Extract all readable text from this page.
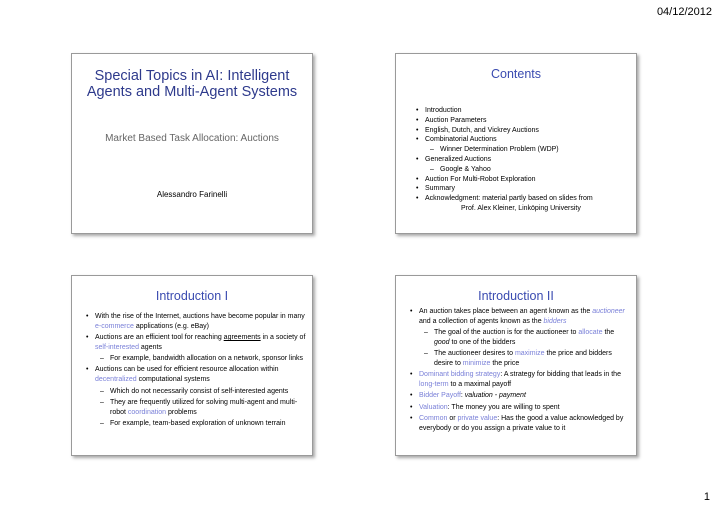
04/12/2012
Special Topics in AI: Intelligent Agents and Multi-Agent Systems
Market Based Task Allocation: Auctions
Alessandro Farinelli
Contents
• Introduction
• Auction Parameters
• English, Dutch, and Vickrey Auctions
• Combinatorial Auctions
– Winner Determination Problem (WDP)
• Generalized Auctions
– Google & Yahoo
• Auction For Multi-Robot Exploration
• Summary
• Acknowledgment: material partly based on slides from
Prof. Alex Kleiner, Linköping University
Introduction I
• With the rise of the Internet, auctions have become popular in many e-commerce applications (e.g. eBay)
• Auctions are an efficient tool for reaching agreements in a society of self-interested agents
– For example, bandwidth allocation on a network, sponsor links
• Auctions can be used for efficient resource allocation within decentralized computational systems
– Which do not necessarily consist of self-interested agents
– They are frequently utilized for solving multi-agent and multi-robot coordination problems
– For example, team-based exploration of unknown terrain
Introduction II
• An auction takes place between an agent known as the auctioneer and a collection of agents known as the bidders
– The goal of the auction is for the auctioneer to allocate the good to one of the bidders
– The auctioneer desires to maximize the price and bidders desire to minimize the price
• Dominant bidding strategy: A strategy for bidding that leads in the long-term to a maximal payoff
• Bidder Payoff: valuation - payment
• Valuation: The money you are willing to spent
• Common or private value: Has the good a value acknowledged by everybody or do you assign a private value to it
1
